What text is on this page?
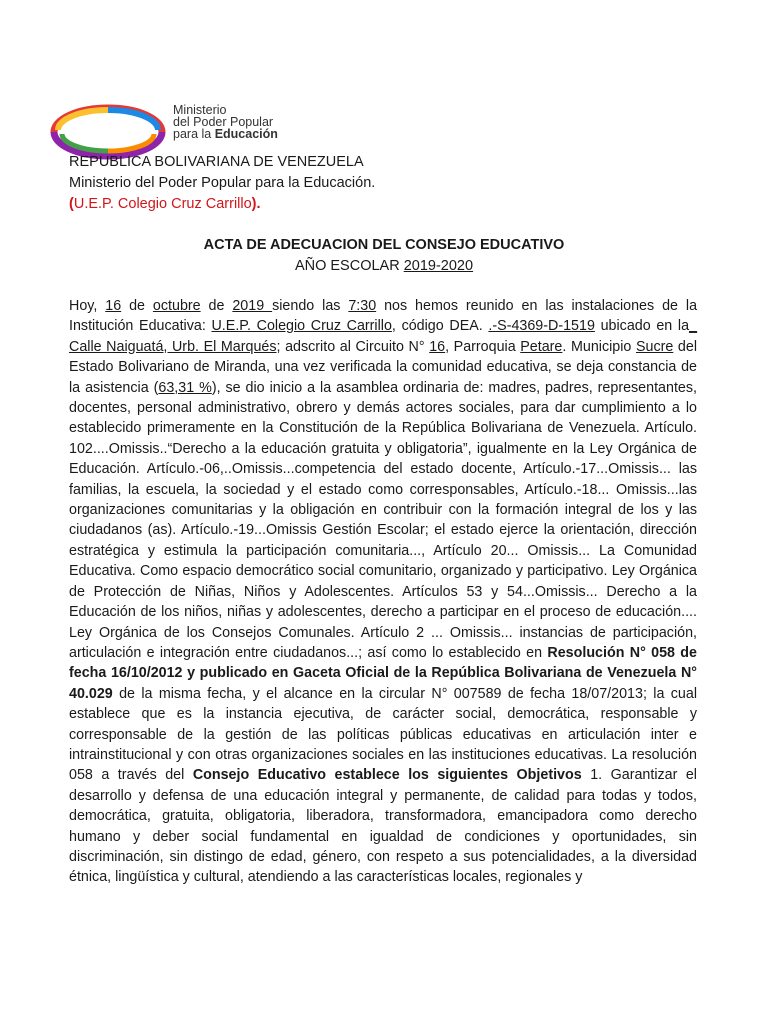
Ministerio
del Poder Popular
para la Educación
REPUBLICA BOLIVARIANA DE VENEZUELA
Ministerio del Poder Popular para la Educación.
(U.E.P. Colegio Cruz Carrillo).
ACTA DE ADECUACION DEL CONSEJO EDUCATIVO
AÑO ESCOLAR 2019-2020
Hoy, 16 de octubre de 2019 siendo las 7:30 nos hemos reunido en las instalaciones de la Institución Educativa: U.E.P. Colegio Cruz Carrillo, código DEA. .-S-4369-D-1519 ubicado en la_ Calle Naiguatá, Urb. El Marqués; adscrito al Circuito N° 16, Parroquia Petare. Municipio Sucre del Estado Bolivariano de Miranda, una vez verificada la comunidad educativa, se deja constancia de la asistencia (63,31 %), se dio inicio a la asamblea ordinaria de: madres, padres, representantes, docentes, personal administrativo, obrero y demás actores sociales, para dar cumplimiento a lo establecido primeramente en la Constitución de la República Bolivariana de Venezuela. Artículo. 102....Omissis..“Derecho a la educación gratuita y obligatoria”, igualmente en la Ley Orgánica de Educación. Artículo.-06,..Omissis...competencia del estado docente, Artículo.-17...Omissis... las familias, la escuela, la sociedad y el estado como corresponsables, Artículo.-18... Omissis...las organizaciones comunitarias y la obligación en contribuir con la formación integral de los y las ciudadanos (as). Artículo.-19...Omissis Gestión Escolar; el estado ejerce la orientación, dirección estratégica y estimula la participación comunitaria..., Artículo 20... Omissis... La Comunidad Educativa. Como espacio democrático social comunitario, organizado y participativo. Ley Orgánica de Protección de Niñas, Niños y Adolescentes. Artículos 53 y 54...Omissis... Derecho a la Educación de los niños, niñas y adolescentes, derecho a participar en el proceso de educación.... Ley Orgánica de los Consejos Comunales. Artículo 2 ... Omissis... instancias de participación, articulación e integración entre ciudadanos...; así como lo establecido en Resolución N° 058 de fecha 16/10/2012 y publicado en Gaceta Oficial de la República Bolivariana de Venezuela N° 40.029 de la misma fecha, y el alcance en la circular N° 007589 de fecha 18/07/2013; la cual establece que es la instancia ejecutiva, de carácter social, democrática, responsable y corresponsable de la gestión de las políticas públicas educativas en articulación inter e intrainstitucional y con otras organizaciones sociales en las instituciones educativas. La resolución 058 a través del Consejo Educativo establece los siguientes Objetivos 1. Garantizar el desarrollo y defensa de una educación integral y permanente, de calidad para todas y todos, democrática, gratuita, obligatoria, liberadora, transformadora, emancipadora como derecho humano y deber social fundamental en igualdad de condiciones y oportunidades, sin discriminación, sin distingo de edad, género, con respeto a sus potencialidades, a la diversidad étnica, lingüística y cultural, atendiendo a las características locales, regionales y
